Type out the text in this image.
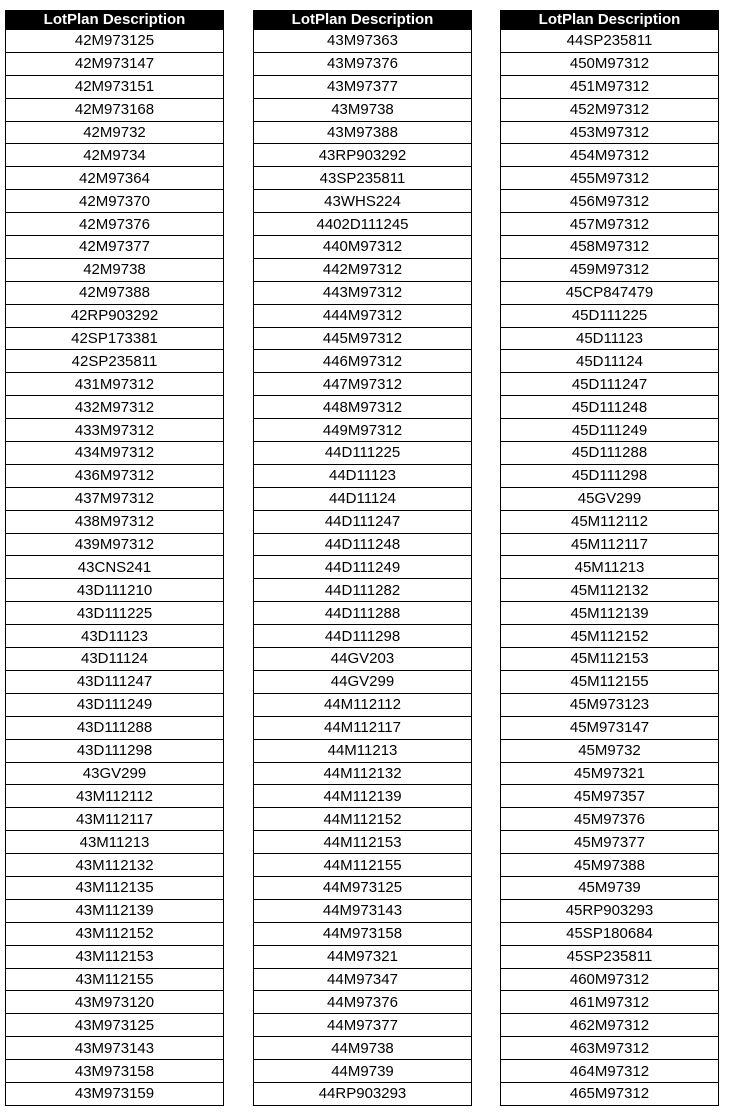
LotPlan Description
42M973125
42M973147
42M973151
42M973168
42M9732
42M9734
42M97364
42M97370
42M97376
42M97377
42M9738
42M97388
42RP903292
42SP173381
42SP235811
431M97312
432M97312
433M97312
434M97312
436M97312
437M97312
438M97312
439M97312
43CNS241
43D111210
43D111225
43D11123
43D11124
43D111247
43D111249
43D111288
43D111298
43GV299
43M112112
43M112117
43M11213
43M112132
43M112135
43M112139
43M112152
43M112153
43M112155
43M973120
43M973125
43M973143
43M973158
43M973159
LotPlan Description
43M97363
43M97376
43M97377
43M9738
43M97388
43RP903292
43SP235811
43WHS224
4402D111245
440M97312
442M97312
443M97312
444M97312
445M97312
446M97312
447M97312
448M97312
449M97312
44D111225
44D11123
44D11124
44D111247
44D111248
44D111249
44D111282
44D111288
44D111298
44GV203
44GV299
44M112112
44M112117
44M11213
44M112132
44M112139
44M112152
44M112153
44M112155
44M973125
44M973143
44M973158
44M97321
44M97347
44M97376
44M97377
44M9738
44M9739
44RP903293
LotPlan Description
44SP235811
450M97312
451M97312
452M97312
453M97312
454M97312
455M97312
456M97312
457M97312
458M97312
459M97312
45CP847479
45D111225
45D11123
45D11124
45D111247
45D111248
45D111249
45D111288
45D111298
45GV299
45M112112
45M112117
45M11213
45M112132
45M112139
45M112152
45M112153
45M112155
45M973123
45M973147
45M9732
45M97321
45M97357
45M97376
45M97377
45M97388
45M9739
45RP903293
45SP180684
45SP235811
460M97312
461M97312
462M97312
463M97312
464M97312
465M97312
